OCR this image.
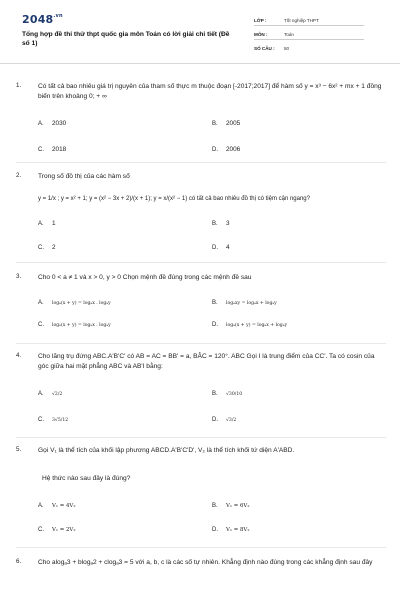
$2048^{.vn}$
Tổng hợp đề thi thử thpt quốc gia môn Toán có lời giải chi tiết (Đề số 1)
LỚP :	Tốt nghiệp THPT
MÔN :	Toán
SỐ CÂU : 50
1.	Có tất cả bao nhiêu giá trị nguyên của tham số thực m thuộc đoạn [-2017;2017] để hàm số y = x³ − 6x² + mx + 1 đồng biến trên khoảng 0; + ∞
A. 2030	B. 2005
C. 2018	D. 2006
2.	Trong số đồ thị của các hàm số
y = 1/x ; y = x² + 1; y = (x² − 3x + 2)/(x + 1); y = x/(x² − 1) có tất cả bao nhiêu đồ thị có tiệm cận ngang?
A. 1	B. 3
C. 2	D. 4
3.	Cho 0 < a ≠ 1 và x > 0, y > 0 Chọn mệnh đề đúng trong các mệnh đề sau
A. logₐ(x + y) = logₐx . logₐy	B. logₐxy = logₐx + logₐy
C. logₐ(x + y) = logₐx . logₐy	D. logₐ(x + y) = logₐx + logₐy
4.	Cho lăng trụ đứng ABC.A'B'C' có AB = AC = BB' = a, BÂC = 120°. ABC Gọi I là trung điểm của CC'. Ta có cosin của góc giữa hai mặt phẳng ABC và AB'I bằng:
A. √2/2	B. √30/10
C. 3√5/12	D. √3/2
5.	Gọi V₁ là thể tích của khối lập phương ABCD.A'B'C'D', V₂ là thể tích khối tứ diện A'ABD.
Hệ thức nào sau đây là đúng?
A. V₁ = 4V₂	B. V₁ = 6V₂
C. V₁ = 2V₂	D. V₁ = 8V₂
6.	Cho alogₐ3 + blogₐ2 + clogₐ3 = 5 với a, b, c là các số tự nhiên. Khẳng định nào đúng trong các khẳng định sau đây
